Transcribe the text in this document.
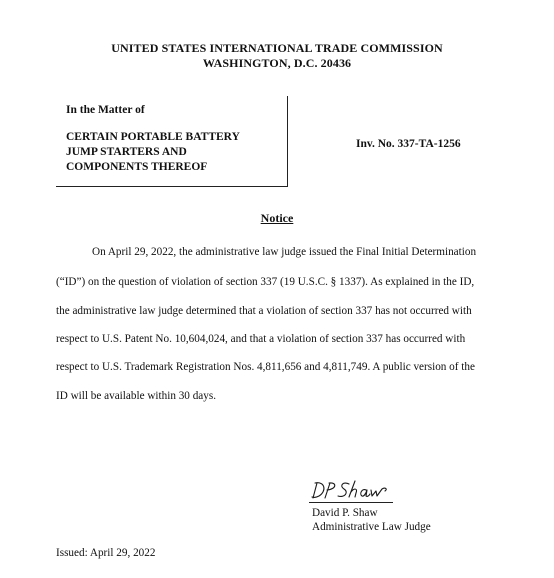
UNITED STATES INTERNATIONAL TRADE COMMISSION
WASHINGTON, D.C. 20436
In the Matter of
CERTAIN PORTABLE BATTERY
JUMP STARTERS AND
COMPONENTS THEREOF
Inv. No. 337-TA-1256
Notice
On April 29, 2022, the administrative law judge issued the Final Initial Determination
(“ID”) on the question of violation of section 337 (19 U.S.C. § 1337). As explained in the ID,
the administrative law judge determined that a violation of section 337 has not occurred with
respect to U.S. Patent No. 10,604,024, and that a violation of section 337 has occurred with
respect to U.S. Trademark Registration Nos. 4,811,656 and 4,811,749. A public version of the
ID will be available within 30 days.
David P. Shaw
Administrative Law Judge
Issued: April 29, 2022
